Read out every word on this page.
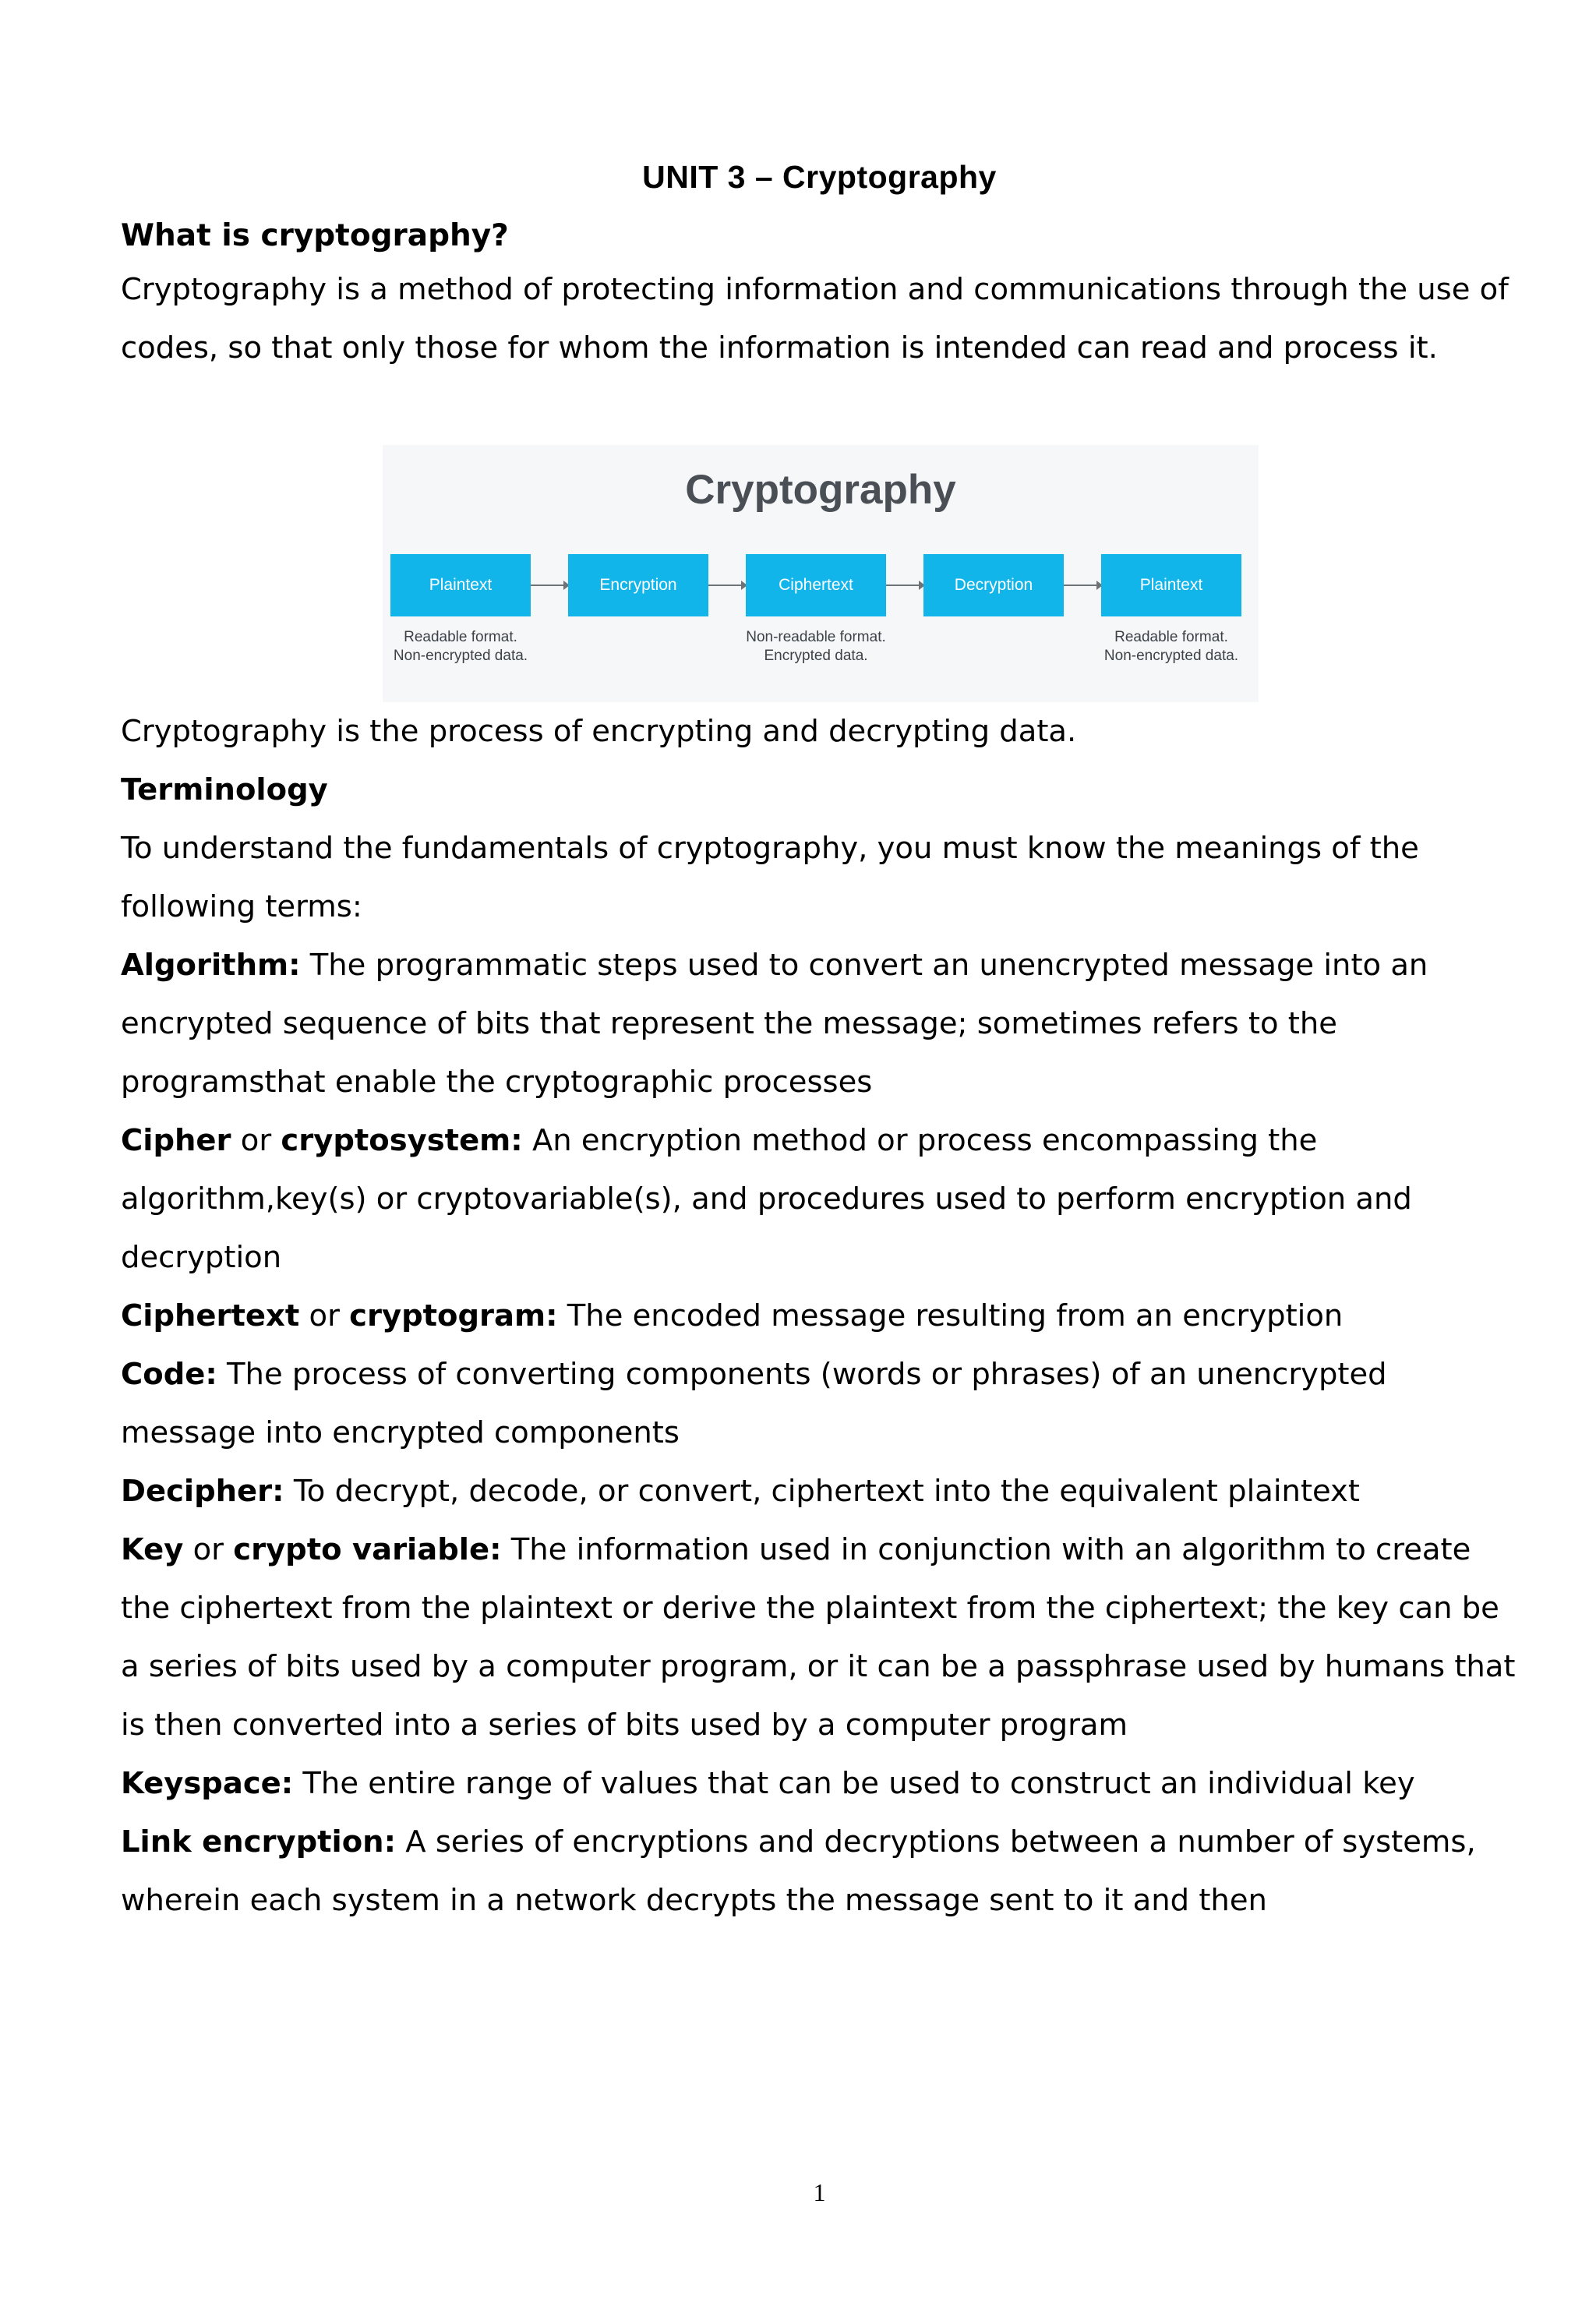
UNIT 3 – Cryptography

What is cryptography?

Cryptography is a method of protecting information and communications through the use of codes, so that only those for whom the information is intended can read and process it.

Cryptography
Plaintext	Encryption	Ciphertext	Decryption	Plaintext
Readable format. Non-encrypted data.
Non-readable format. Encrypted data.
Readable format. Non-encrypted data.

Cryptography is the process of encrypting and decrypting data.

Terminology

To understand the fundamentals of cryptography, you must know the meanings of the following terms:

Algorithm: The programmatic steps used to convert an unencrypted message into an encrypted sequence of bits that represent the message; sometimes refers to the programsthat enable the cryptographic processes

Cipher or cryptosystem: An encryption method or process encompassing the algorithm,key(s) or cryptovariable(s), and procedures used to perform encryption and decryption

Ciphertext or cryptogram: The encoded message resulting from an encryption

Code: The process of converting components (words or phrases) of an unencrypted message into encrypted components

Decipher: To decrypt, decode, or convert, ciphertext into the equivalent plaintext

Key or crypto variable: The information used in conjunction with an algorithm to create the ciphertext from the plaintext or derive the plaintext from the ciphertext; the key can be a series of bits used by a computer program, or it can be a passphrase used by humans that is then converted into a series of bits used by a computer program

Keyspace: The entire range of values that can be used to construct an individual key

Link encryption: A series of encryptions and decryptions between a number of systems, wherein each system in a network decrypts the message sent to it and then

1
